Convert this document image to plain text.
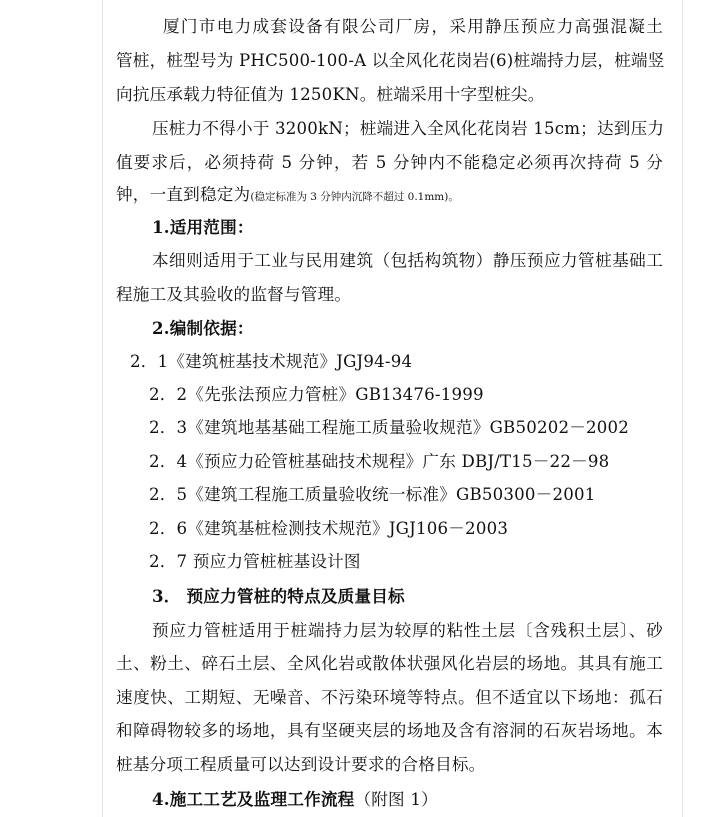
厦门市电力成套设备有限公司厂房，采用静压预应力高强混凝土
管桩，桩型号为 PHC500-100-A 以全风化花岗岩(6)桩端持力层，桩端竖
向抗压承载力特征值为 1250KN。桩端采用十字型桩尖。
压桩力不得小于 3200kN；桩端进入全风化花岗岩 15cm；达到压力
值要求后，必须持荷 5 分钟，若 5 分钟内不能稳定必须再次持荷 5 分
钟，一直到稳定为(稳定标准为 3 分钟内沉降不超过 0.1mm)。
1.适用范围：
本细则适用于工业与民用建筑（包括构筑物）静压预应力管桩基础工
程施工及其验收的监督与管理。
2.编制依据：
2．1《建筑桩基技术规范》JGJ94-94
2．2《先张法预应力管桩》GB13476-1999
2．3《建筑地基基础工程施工质量验收规范》GB50202－2002
2．4《预应力砼管桩基础技术规程》广东 DBJ/T15－22－98
2．5《建筑工程施工质量验收统一标准》GB50300－2001
2．6《建筑基桩检测技术规范》JGJ106－2003
2．7 预应力管桩桩基设计图
3． 预应力管桩的特点及质量目标
预应力管桩适用于桩端持力层为较厚的粘性土层〔含残积土层〕、砂
土、粉土、碎石土层、全风化岩或散体状强风化岩层的场地。其具有施工
速度快、工期短、无噪音、不污染环境等特点。但不适宜以下场地：孤石
和障碍物较多的场地，具有坚硬夹层的场地及含有溶洞的石灰岩场地。本
桩基分项工程质量可以达到设计要求的合格目标。
4.施工工艺及监理工作流程（附图 1）
